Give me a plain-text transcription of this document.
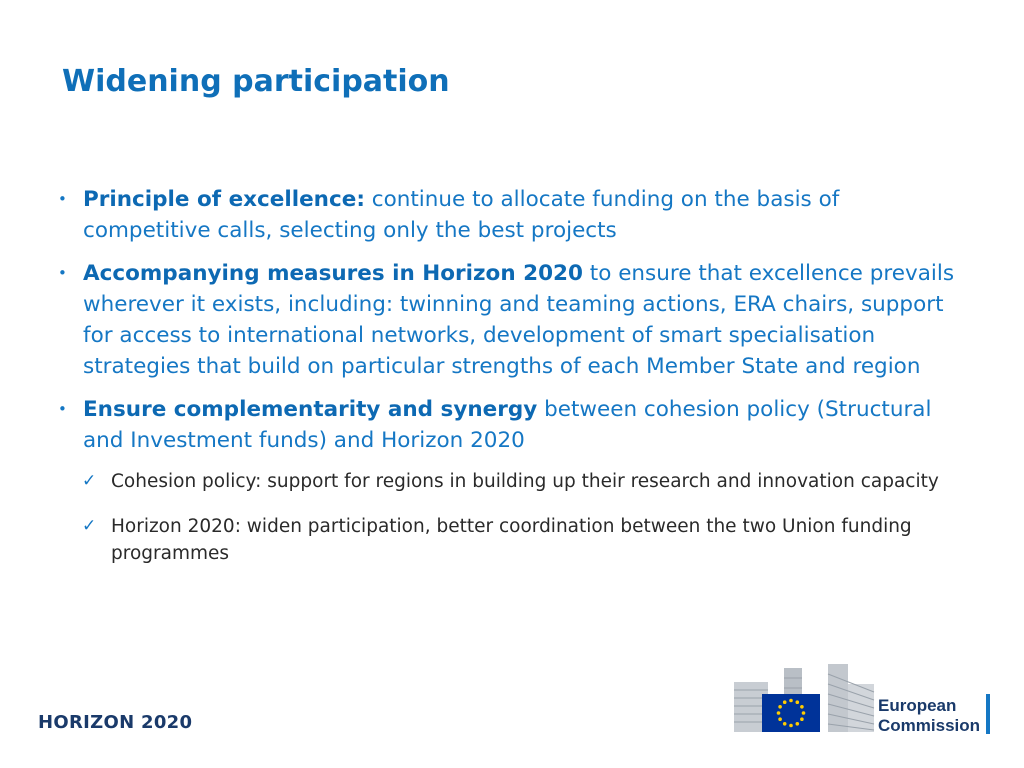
Widening participation
• Principle of excellence: continue to allocate funding on the basis of competitive calls, selecting only the best projects
• Accompanying measures in Horizon 2020 to ensure that excellence prevails wherever it exists, including: twinning and teaming actions, ERA chairs, support for access to international networks, development of smart specialisation strategies that build on particular strengths of each Member State and region
• Ensure complementarity and synergy between cohesion policy (Structural and Investment funds) and Horizon 2020
✓ Cohesion policy: support for regions in building up their research and innovation capacity
✓ Horizon 2020: widen participation, better coordination between the two Union funding programmes
HORIZON 2020
European
Commission
